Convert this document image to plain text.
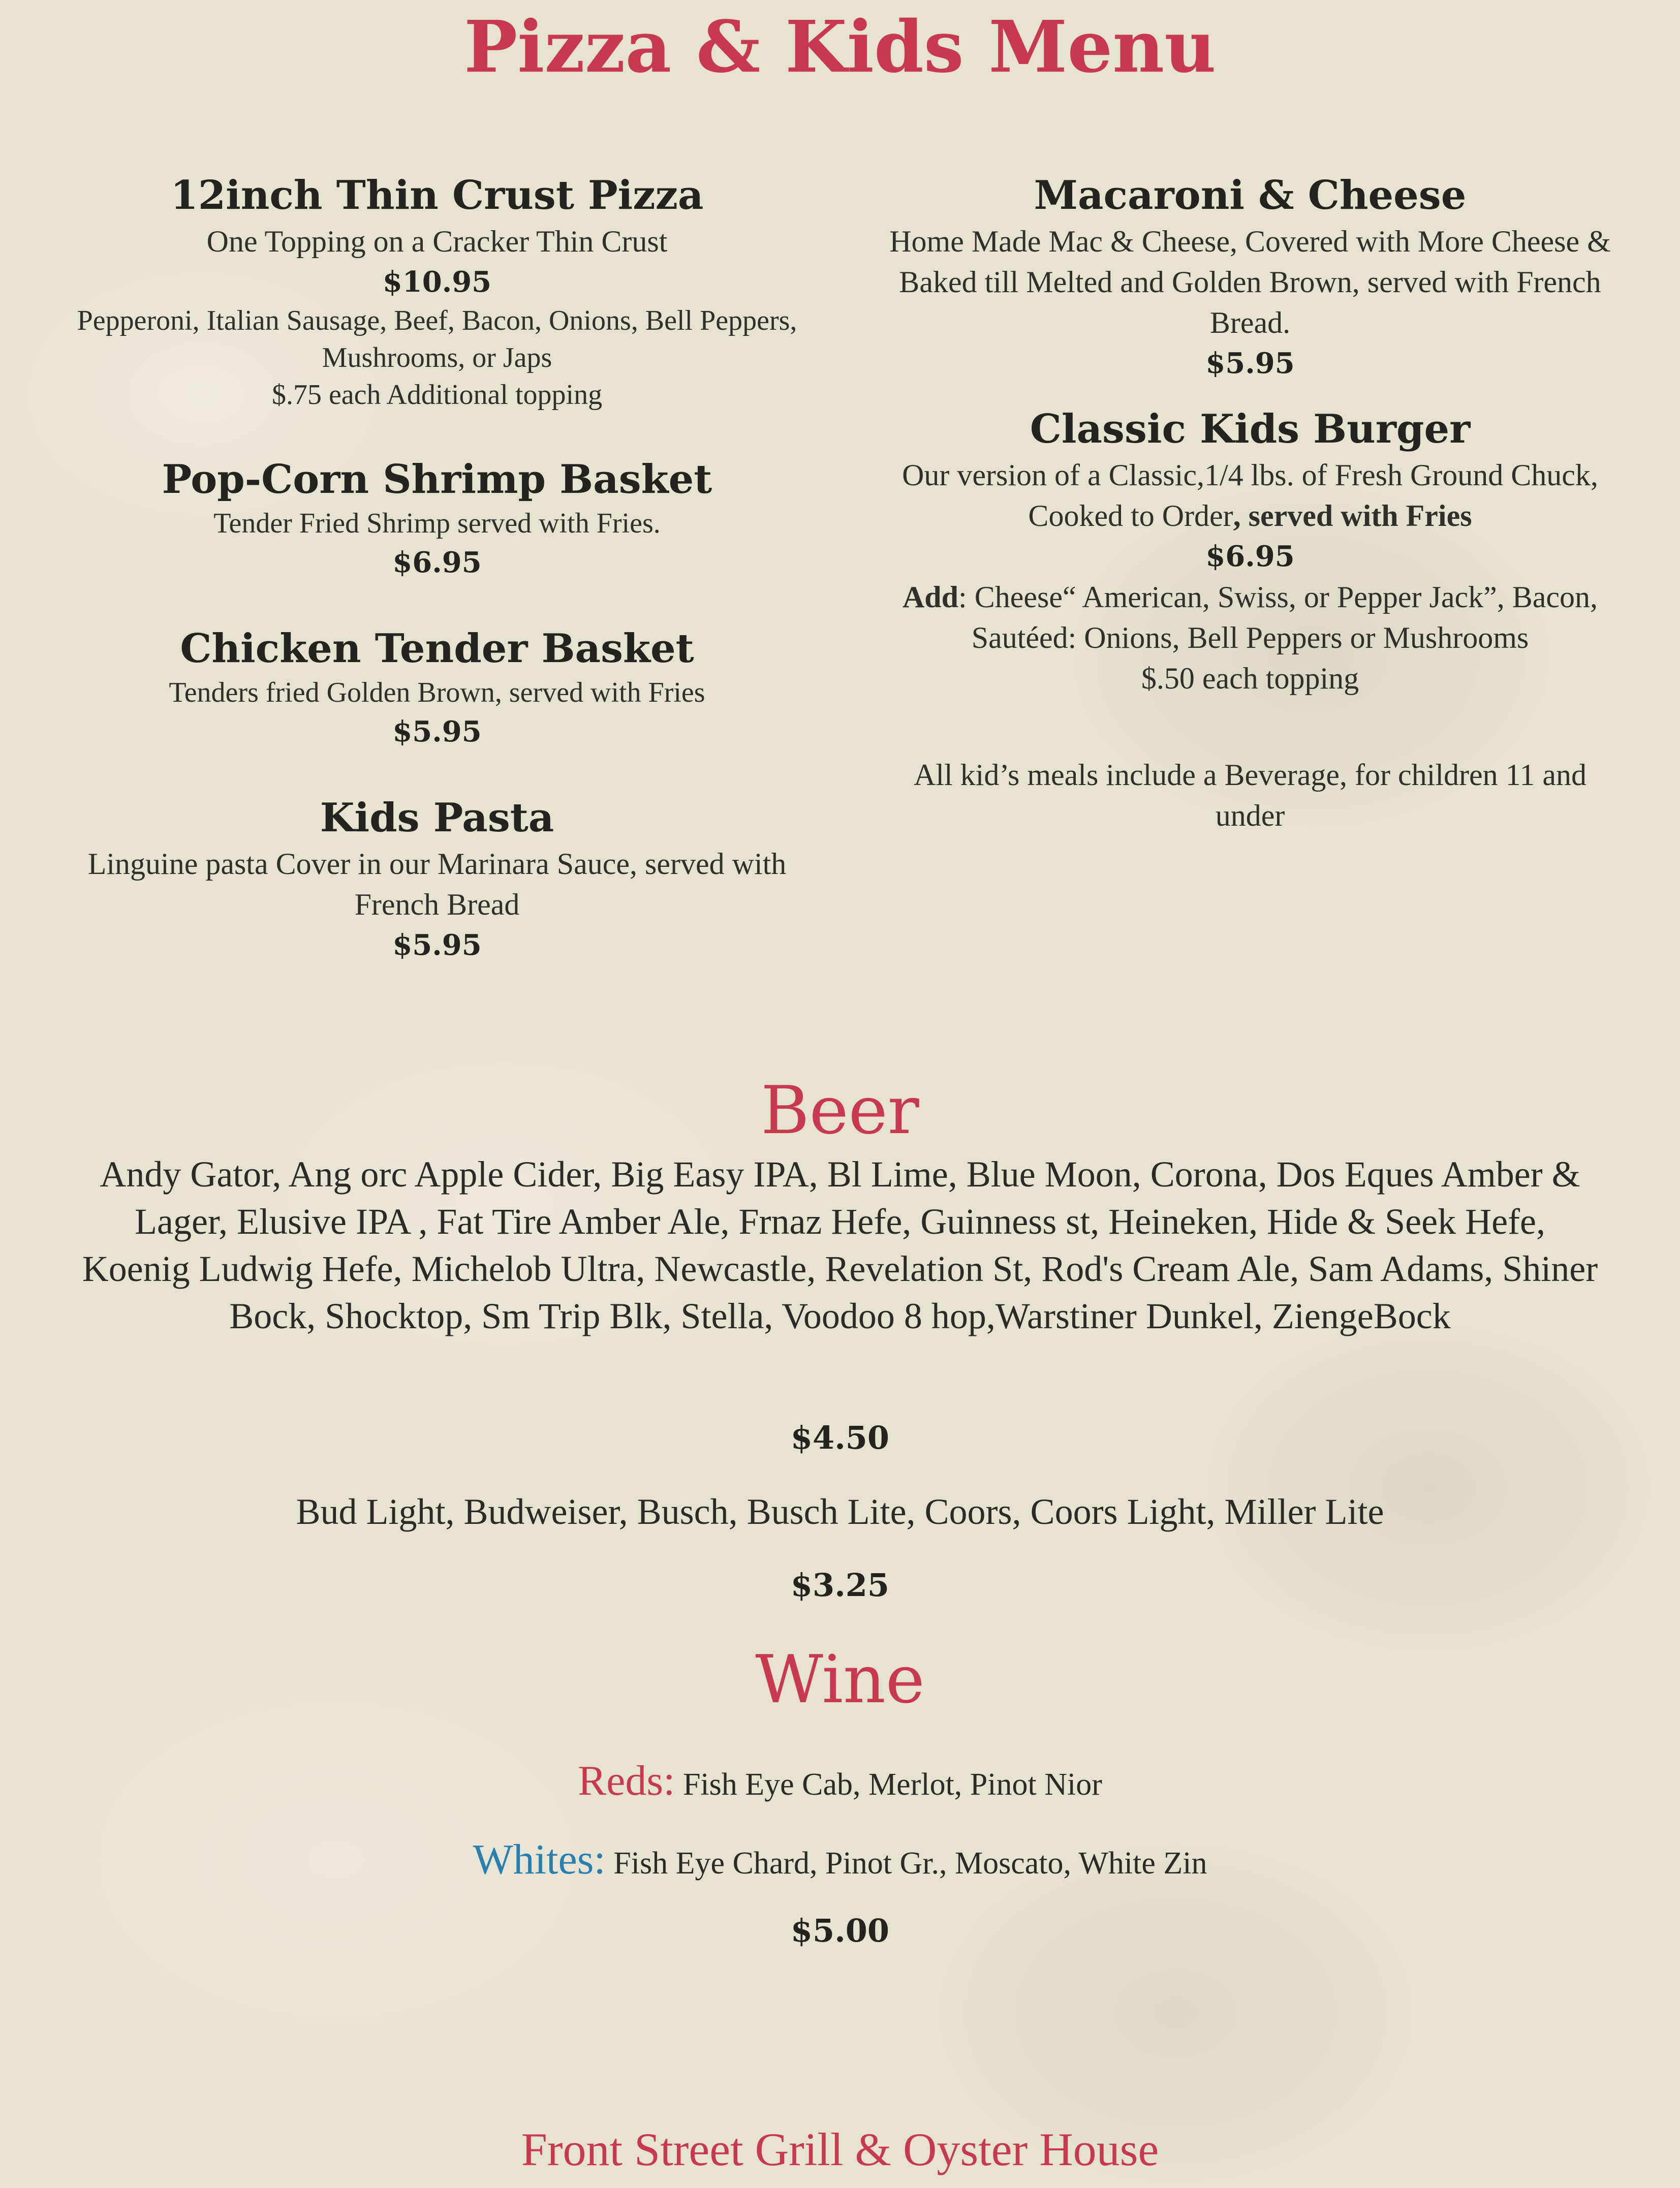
Pizza & Kids Menu
12inch Thin Crust Pizza
One Topping on a Cracker Thin Crust
$10.95
Pepperoni, Italian Sausage, Beef, Bacon, Onions, Bell Peppers, Mushrooms, or Japs
$.75 each Additional topping
Pop-Corn Shrimp Basket
Tender Fried Shrimp served with Fries.
$6.95
Chicken Tender Basket
Tenders fried Golden Brown, served with Fries
$5.95
Kids Pasta
Linguine pasta Cover in our Marinara Sauce, served with French Bread
$5.95
Macaroni & Cheese
Home Made Mac & Cheese, Covered with More Cheese & Baked till Melted and Golden Brown, served with French Bread.
$5.95
Classic Kids Burger
Our version of a Classic,1/4 lbs. of Fresh Ground Chuck, Cooked to Order, served with Fries
$6.95
Add: Cheese“ American, Swiss, or Pepper Jack”, Bacon, Sautéed: Onions, Bell Peppers or Mushrooms
$.50 each topping
All kid’s meals include a Beverage, for children 11 and under
Beer
Andy Gator, Ang orc Apple Cider, Big Easy IPA, Bl Lime, Blue Moon, Corona, Dos Eques Amber & Lager, Elusive IPA , Fat Tire Amber Ale, Frnaz Hefe, Guinness st, Heineken, Hide & Seek Hefe, Koenig Ludwig Hefe, Michelob Ultra, Newcastle, Revelation St, Rod's Cream Ale, Sam Adams, Shiner Bock, Shocktop, Sm Trip Blk, Stella, Voodoo 8 hop,Warstiner Dunkel, ZiengeBock
$4.50
Bud Light, Budweiser, Busch, Busch Lite, Coors, Coors Light, Miller Lite
$3.25
Wine
Reds: Fish Eye Cab, Merlot, Pinot Nior
Whites: Fish Eye Chard, Pinot Gr., Moscato, White Zin
$5.00
Front Street Grill & Oyster House
